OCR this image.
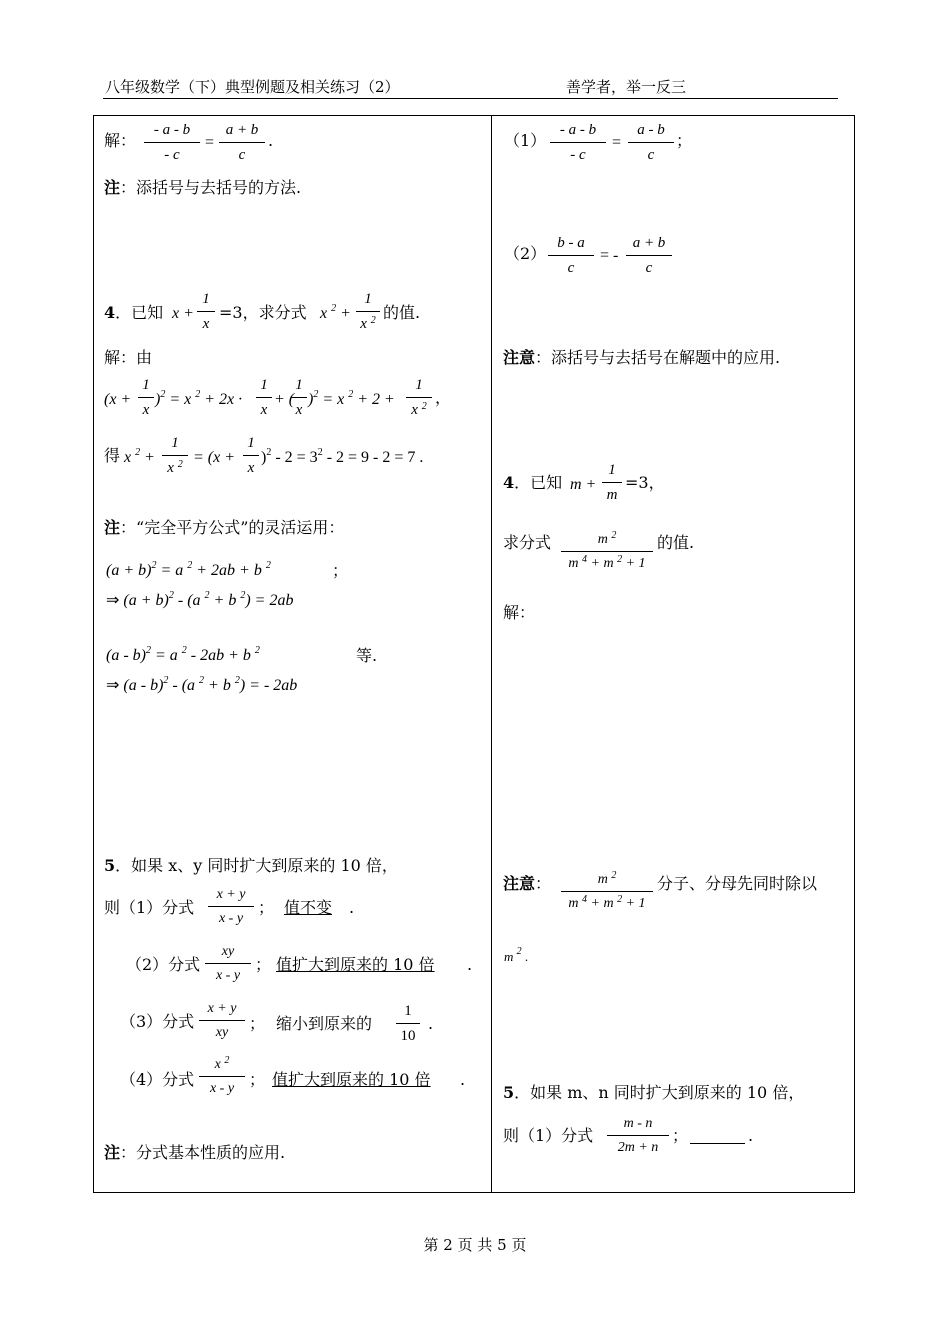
八年级数学（下）典型例题及相关练习（2）	善学者，举一反三
解： $\frac{- a - b}{- c} = \frac{a + b}{c}$ .
注：添括号与去括号的方法.
4．已知 $x + \frac{1}{x} =3$，求分式 x $^2 + \frac{1}{x ^2}$ 的值.
解：由
$(x + \frac{1}{x} )^2 = x$ $^2 + 2x \cdot \frac{1}{x}$ + (
$\frac{1}{x} )^2 = x$ $^2 + 2 + \frac{1}{x ^2}$ ，
得 x $^2 + \frac{1}{x ^2} = (x + \frac{1}{x} )^2 - 2 = 3^2 - 2 = 9 - 2 = 7$ .
注：“完全平方公式”的灵活运用：
$(a + b)^2 = a$ $^2$ + 2ab + b $^2$	；
⇒ $(a + b)^2 - (a$ $^2$ + b $^2$) = 2ab
(a - b)$^2$ = a $^2$ - 2ab + b $^2$	等.
⇒ (a - b)$^2$ - (a $^2$ + b $^2$) = - 2ab
5．如果 x、y 同时扩大到原来的 10 倍，
则（1）分式 $\frac{x + y}{x - y}$ ； 值不变 .
（2）分式 $\frac{xy}{x - y}$ ； 值扩大到原来的 10 倍 .
（3）分式 $\frac{x + y}{xy}$ ； 缩小到原来的 $\frac{1}{10}$ .
（4）分式 $\frac{x ^2}{x - y}$ ； 值扩大到原来的 10 倍 .
注：分式基本性质的应用.
$(1) \frac{- a - b}{- c} = \frac{a - b}{c}$ ；
$(2) \frac{b - a}{c}$ = - $\frac{a + b}{c}$
注意：添括号与去括号在解题中的应用.
4．已知 $m + \frac{1}{m} =3$，
求分式 $\frac{m ^2}{m ^4 + m ^2 + 1}$ 的值.
解：
注意： $\frac{m ^2}{m ^4 + m ^2 + 1}$ 分子、分母先同时除以
m $^2$ .
5．如果 m、n 同时扩大到原来的 10 倍，
则（1）分式 $\frac{m - n}{2m + n}$ ；	.
第 2 页 共 5 页
